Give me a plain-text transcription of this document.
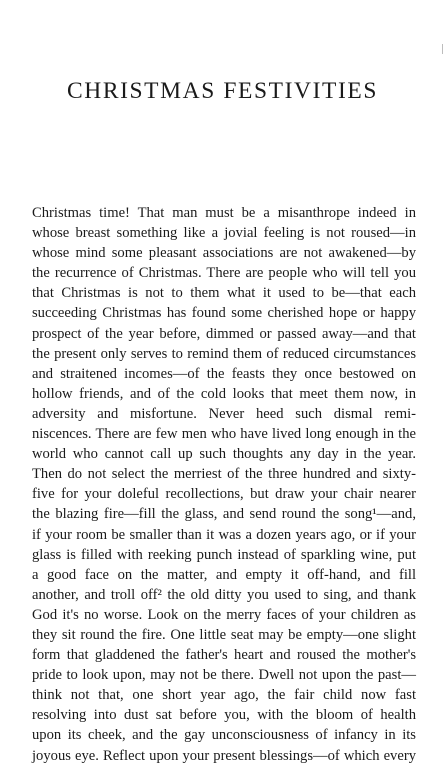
CHRISTMAS FESTIVITIES
Christmas time! That man must be a misanthrope indeed in
whose breast something like a jovial feeling is not roused—in
whose mind some pleasant associations are not awakened—by
the recurrence of Christmas. There are people who will tell you
that Christmas is not to them what it used to be—that each
succeeding Christmas has found some cherished hope or happy
prospect of the year before, dimmed or passed away—and that
the present only serves to remind them of reduced circumstances
and straitened incomes—of the feasts they once bestowed on
hollow friends, and of the cold looks that meet them now, in
adversity and misfortune. Never heed such dismal remi-
niscences. There are few men who have lived long enough in the
world who cannot call up such thoughts any day in the year.
Then do not select the merriest of the three hundred and sixty-
five for your doleful recollections, but draw your chair nearer
the blazing fire—fill the glass, and send round the song¹—and,
if your room be smaller than it was a dozen years ago, or if your
glass is filled with reeking punch instead of sparkling wine, put
a good face on the matter, and empty it off-hand, and fill
another, and troll off² the old ditty you used to sing, and thank
God it's no worse. Look on the merry faces of your children as
they sit round the fire. One little seat may be empty—one slight
form that gladdened the father's heart and roused the mother's
pride to look upon, may not be there. Dwell not upon the past—
think not that, one short year ago, the fair child now fast
resolving into dust sat before you, with the bloom of health
upon its cheek, and the gay unconsciousness of infancy in its
joyous eye. Reflect upon your present blessings—of which every
